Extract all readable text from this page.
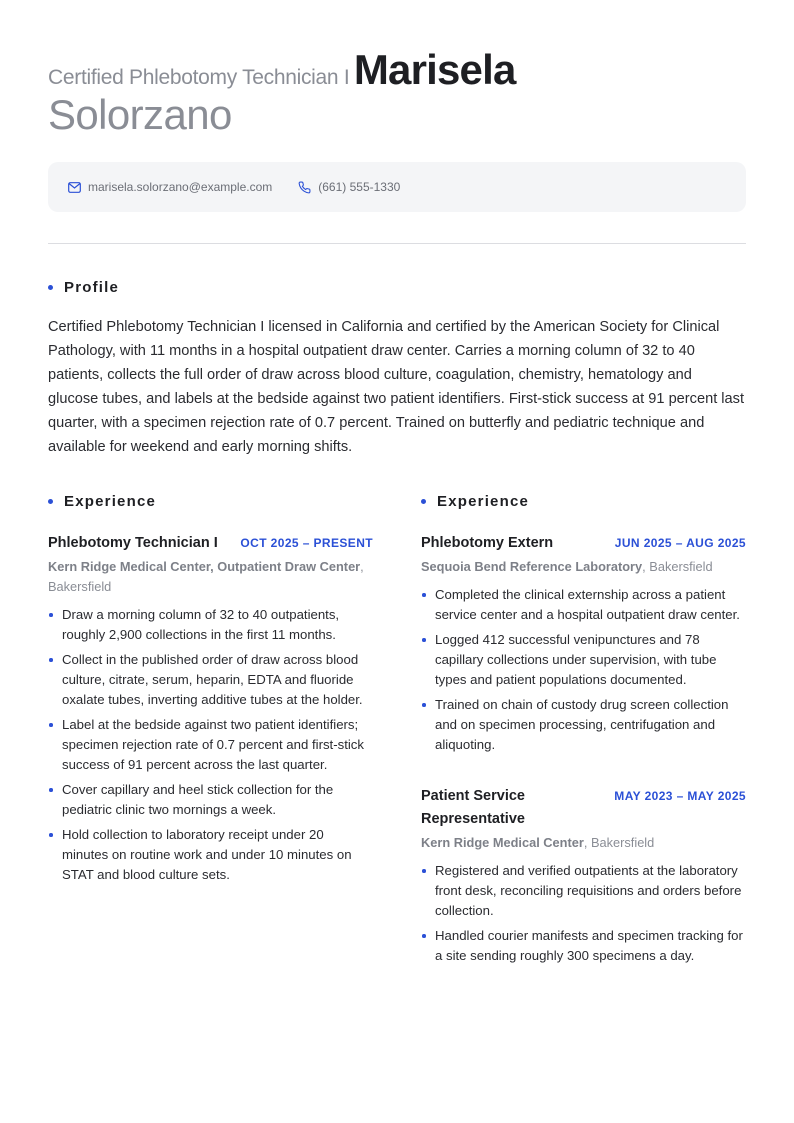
Certified Phlebotomy Technician I Marisela
Solorzano
marisela.solorzano@example.com	(661) 555-1330
Profile

Certified Phlebotomy Technician I licensed in California and certified by the American Society for Clinical Pathology, with 11 months in a hospital outpatient draw center. Carries a morning column of 32 to 40 patients, collects the full order of draw across blood culture, coagulation, chemistry, hematology and glucose tubes, and labels at the bedside against two patient identifiers. First-stick success at 91 percent last quarter, with a specimen rejection rate of 0.7 percent. Trained on butterfly and pediatric technique and available for weekend and early morning shifts.

Experience
Phlebotomy Technician I OCT 2025 – PRESENT
Kern Ridge Medical Center, Outpatient Draw Center, Bakersfield
Draw a morning column of 32 to 40 outpatients, roughly 2,900 collections in the first 11 months.
Collect in the published order of draw across blood culture, citrate, serum, heparin, EDTA and fluoride oxalate tubes, inverting additive tubes at the holder.
Label at the bedside against two patient identifiers; specimen rejection rate of 0.7 percent and first-stick success of 91 percent across the last quarter.
Cover capillary and heel stick collection for the pediatric clinic two mornings a week.
Hold collection to laboratory receipt under 20 minutes on routine work and under 10 minutes on STAT and blood culture sets.
Experience
Phlebotomy Extern	JUN 2025 – AUG 2025
Sequoia Bend Reference Laboratory, Bakersfield
Completed the clinical externship across a patient service center and a hospital outpatient draw center.
Logged 412 successful venipunctures and 78 capillary collections under supervision, with tube types and patient populations documented.
Trained on chain of custody drug screen collection and on specimen processing, centrifugation and aliquoting.
Patient Service Representative
MAY 2023 – MAY 2025
Kern Ridge Medical Center, Bakersfield
Registered and verified outpatients at the laboratory front desk, reconciling requisitions and orders before collection.
Handled courier manifests and specimen tracking for a site sending roughly 300 specimens a day.
